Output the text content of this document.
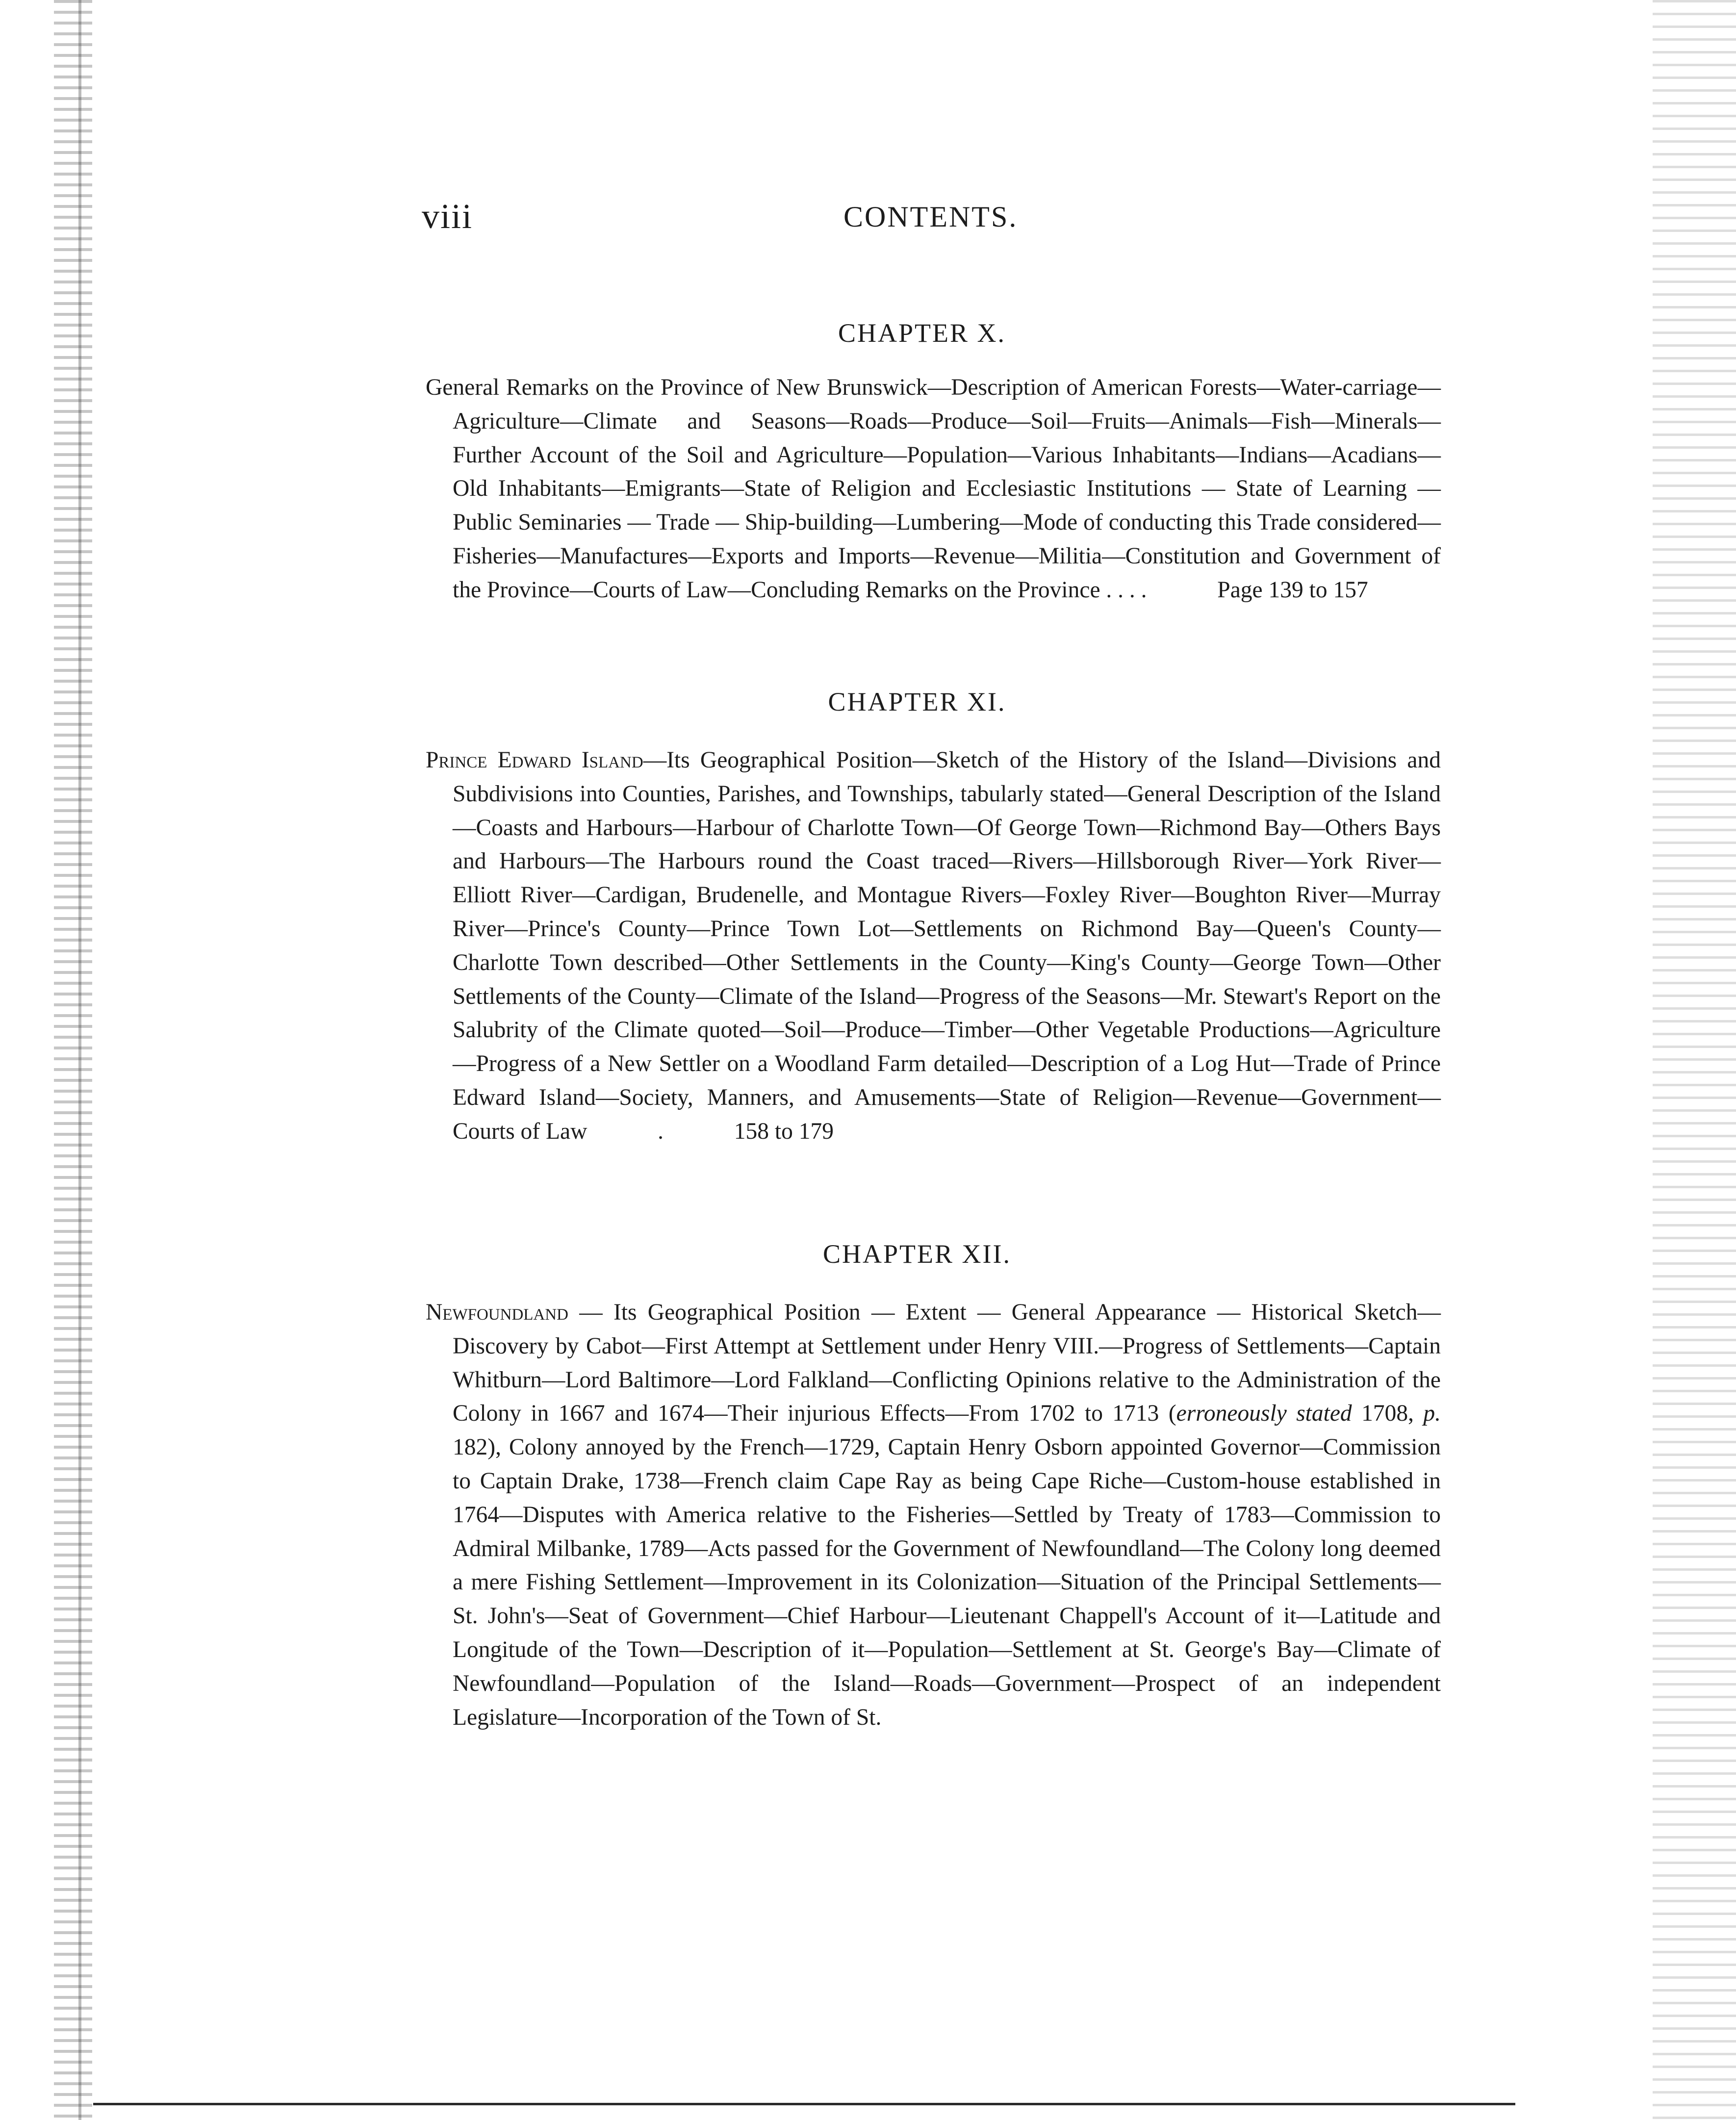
viii	CONTENTS.
CHAPTER X.

General Remarks on the Province of New Brunswick—Description of American Forests—Water-carriage—Agriculture—Climate and Seasons—Roads—Produce—Soil—Fruits—Animals—Fish—Minerals—Further Account of the Soil and Agriculture—Population—Various Inhabitants—Indians—Acadians—Old Inhabitants—Emigrants—State of Religion and Ecclesiastic Institutions — State of Learning — Public Seminaries — Trade — Ship-building—Lumbering—Mode of conducting this Trade considered—Fisheries—Manufactures—Exports and Imports—Revenue—Militia—Constitution and Government of the Province—Courts of Law—Concluding Remarks on the Province . . . .	Page 139 to 157

CHAPTER XI.

Prince Edward Island—Its Geographical Position—Sketch of the History of the Island—Divisions and Subdivisions into Counties, Parishes, and Townships, tabularly stated—General Description of the Island—Coasts and Harbours—Harbour of Charlotte Town—Of George Town—Richmond Bay—Others Bays and Harbours—The Harbours round the Coast traced—Rivers—Hillsborough River—York River—Elliott River—Cardigan, Brudenelle, and Montague Rivers—Foxley River—Boughton River—Murray River—Prince's County—Prince Town Lot—Settlements on Richmond Bay—Queen's County—Charlotte Town described—Other Settlements in the County—King's County—George Town—Other Settlements of the County—Climate of the Island—Progress of the Seasons—Mr. Stewart's Report on the Salubrity of the Climate quoted—Soil—Produce—Timber—Other Vegetable Productions—Agriculture—Progress of a New Settler on a Woodland Farm detailed—Description of a Log Hut—Trade of Prince Edward Island—Society, Manners, and Amusements—State of Religion—Revenue—Government—Courts of Law	.	158 to 179

CHAPTER XII.

Newfoundland — Its Geographical Position — Extent — General Appearance — Historical Sketch—Discovery by Cabot—First Attempt at Settlement under Henry VIII.—Progress of Settlements—Captain Whitburn—Lord Baltimore—Lord Falkland—Conflicting Opinions relative to the Administration of the Colony in 1667 and 1674—Their injurious Effects—From 1702 to 1713 (erroneously stated 1708, p. 182), Colony annoyed by the French—1729, Captain Henry Osborn appointed Governor—Commission to Captain Drake, 1738—French claim Cape Ray as being Cape Riche—Custom-house established in 1764—Disputes with America relative to the Fisheries—Settled by Treaty of 1783—Commission to Admiral Milbanke, 1789—Acts passed for the Government of Newfoundland—The Colony long deemed a mere Fishing Settlement—Improvement in its Colonization—Situation of the Principal Settlements—St. John's—Seat of Government—Chief Harbour—Lieutenant Chappell's Account of it—Latitude and Longitude of the Town—Description of it—Population—Settlement at St. George's Bay—Climate of Newfoundland—Population of the Island—Roads—Government—Prospect of an independent Legislature—Incorporation of the Town of St.
